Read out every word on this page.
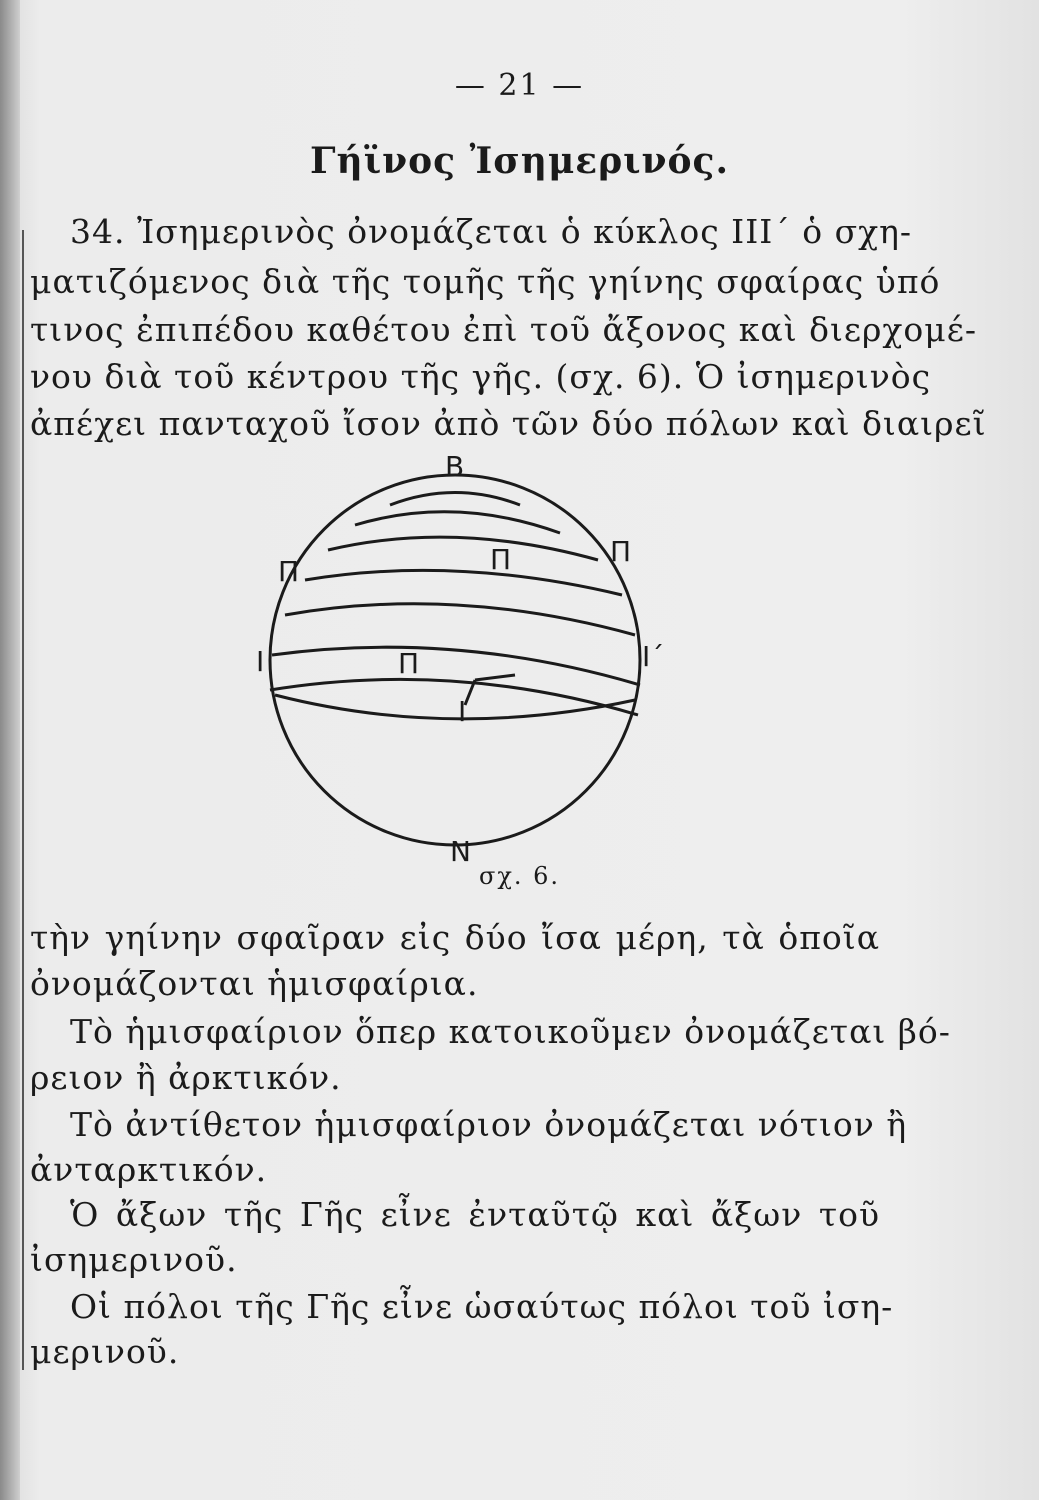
— 21 —
Γήϊνος Ἰσημερινός.
34. Ἰσημερινὸς ὀνομάζεται ὁ κύκλος ΙΙΙ΄ ὁ σχη-
ματιζόμενος διὰ τῆς τομῆς τῆς γηίνης σφαίρας ὑπό
τινος ἐπιπέδου καθέτου ἐπὶ τοῦ ἄξονος καὶ διερχομέ-
νου διὰ τοῦ κέντρου τῆς γῆς. (σχ. 6). Ὁ ἰσημερινὸς
ἀπέχει πανταχοῦ ἴσον ἀπὸ τῶν δύο πόλων καὶ διαιρεῖ
B
N
Π
Π
Π
Π
Ι	Ι΄
Ι
σχ. 6.
τὴν γηίνην σφαῖραν εἰς δύο ἴσα μέρη, τὰ ὁποῖα
ὀνομάζονται ἡμισφαίρια.
Τὸ ἡμισφαίριον ὅπερ κατοικοῦμεν ὀνομάζεται βό-
ρειον ἢ ἀρκτικόν.
Τὸ ἀντίθετον ἡμισφαίριον ὀνομάζεται νότιον ἢ
ἀνταρκτικόν.
Ὁ ἄξων τῆς Γῆς εἶνε ἐνταῦτῷ καὶ ἄξων τοῦ
ἰσημερινοῦ.
Οἱ πόλοι τῆς Γῆς εἶνε ὡσαύτως πόλοι τοῦ ἰση-
μερινοῦ.
